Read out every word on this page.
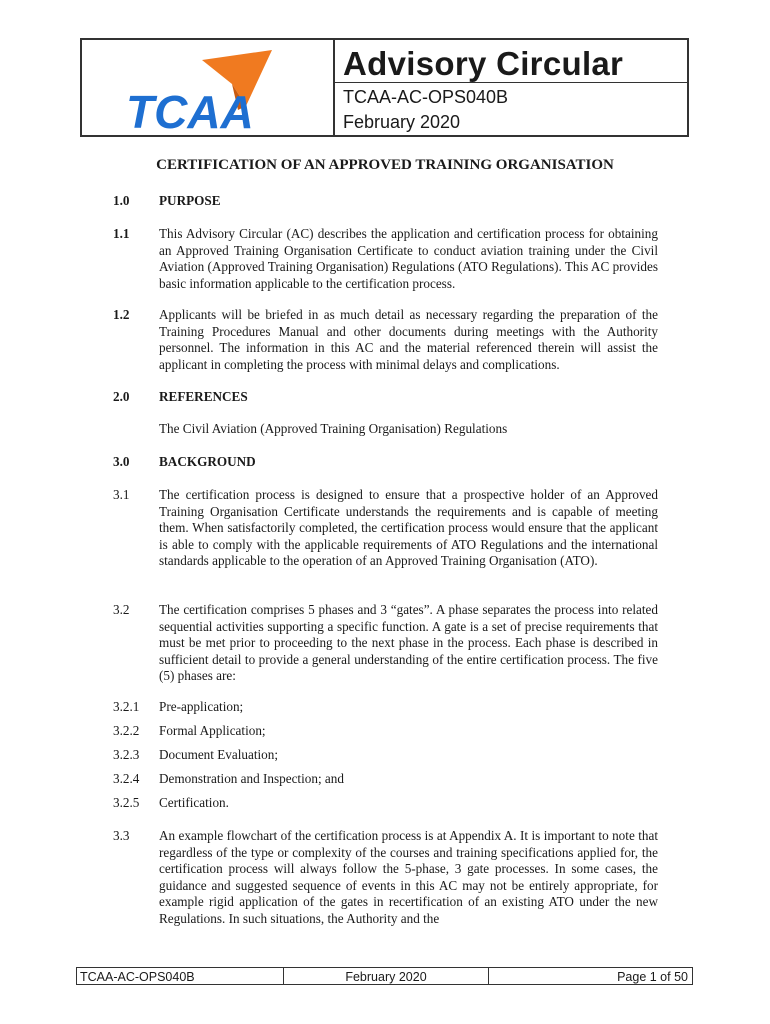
TCAA
Advisory Circular
TCAA-AC-OPS040B
February 2020
CERTIFICATION OF AN APPROVED TRAINING ORGANISATION
1.0 PURPOSE
1.1 This Advisory Circular (AC) describes the application and certification process for obtaining an Approved Training Organisation Certificate to conduct aviation training under the Civil Aviation (Approved Training Organisation) Regulations (ATO Regulations). This AC provides basic information applicable to the certification process.
1.2 Applicants will be briefed in as much detail as necessary regarding the preparation of the Training Procedures Manual and other documents during meetings with the Authority personnel. The information in this AC and the material referenced therein will assist the applicant in completing the process with minimal delays and complications.
2.0 REFERENCES
The Civil Aviation (Approved Training Organisation) Regulations
3.0 BACKGROUND
3.1 The certification process is designed to ensure that a prospective holder of an Approved Training Organisation Certificate understands the requirements and is capable of meeting them. When satisfactorily completed, the certification process would ensure that the applicant is able to comply with the applicable requirements of ATO Regulations and the international standards applicable to the operation of an Approved Training Organisation (ATO).
3.2 The certification comprises 5 phases and 3 “gates”. A phase separates the process into related sequential activities supporting a specific function. A gate is a set of precise requirements that must be met prior to proceeding to the next phase in the process. Each phase is described in sufficient detail to provide a general understanding of the entire certification process. The five (5) phases are:
3.2.1 Pre-application;
3.2.2 Formal Application;
3.2.3 Document Evaluation;
3.2.4 Demonstration and Inspection; and
3.2.5 Certification.
3.3 An example flowchart of the certification process is at Appendix A. It is important to note that regardless of the type or complexity of the courses and training specifications applied for, the certification process will always follow the 5-phase, 3 gate processes. In some cases, the guidance and suggested sequence of events in this AC may not be entirely appropriate, for example rigid application of the gates in recertification of an existing ATO under the new Regulations. In such situations, the Authority and the
TCAA-AC-OPS040B	February 2020	Page 1 of 50
